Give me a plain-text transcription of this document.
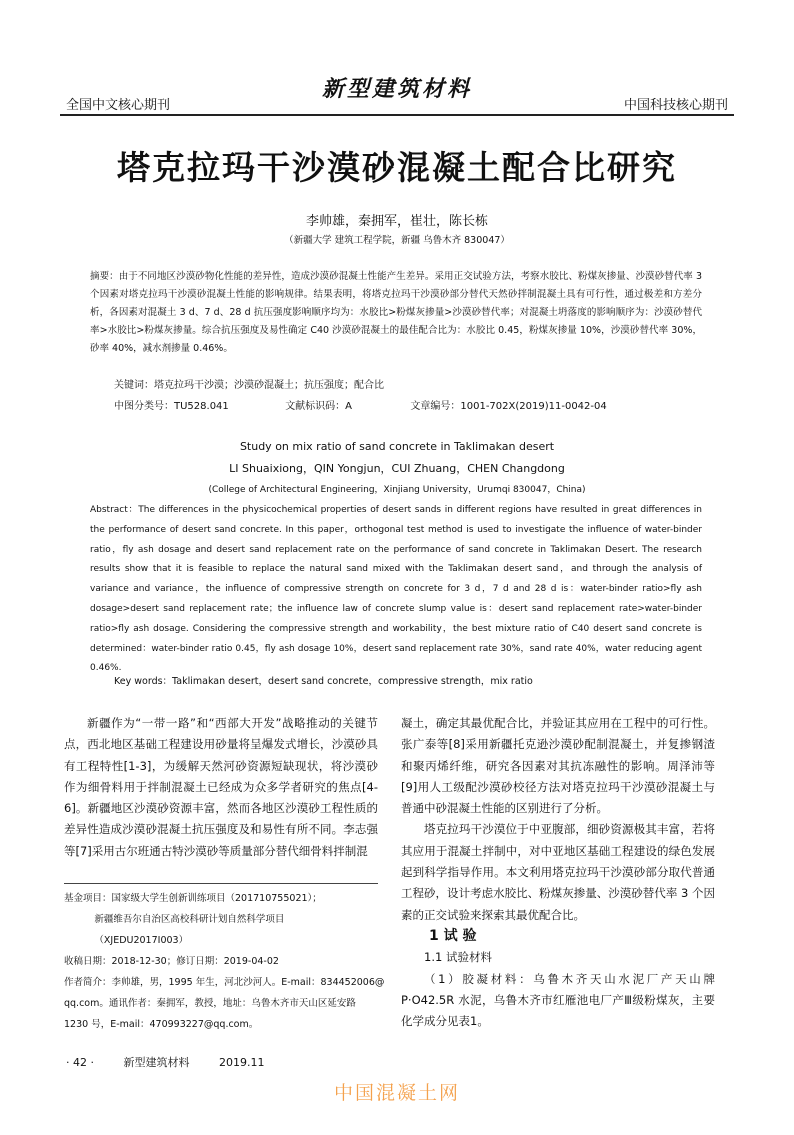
全国中文核心期刊
新型建筑材料
中国科技核心期刊
塔克拉玛干沙漠砂混凝土配合比研究
李帅雄，秦拥军，崔壮，陈长栋
（新疆大学 建筑工程学院，新疆 乌鲁木齐 830047）
摘要：由于不同地区沙漠砂物化性能的差异性，造成沙漠砂混凝土性能产生差异。采用正交试验方法，考察水胶比、粉煤灰掺量、沙漠砂替代率 3 个因素对塔克拉玛干沙漠砂混凝土性能的影响规律。结果表明，将塔克拉玛干沙漠砂部分替代天然砂拌制混凝土具有可行性，通过极差和方差分析，各因素对混凝土 3 d、7 d、28 d 抗压强度影响顺序均为：水胶比>粉煤灰掺量>沙漠砂替代率；对混凝土坍落度的影响顺序为：沙漠砂替代率>水胶比>粉煤灰掺量。综合抗压强度及易性确定 C40 沙漠砂混凝土的最佳配合比为：水胶比 0.45，粉煤灰掺量 10%，沙漠砂替代率 30%，砂率 40%，减水剂掺量 0.46%。
关键词：塔克拉玛干沙漠；沙漠砂混凝土；抗压强度；配合比
中图分类号：TU528.041	文献标识码：A	文章编号：1001-702X(2019)11-0042-04
Study on mix ratio of sand concrete in Taklimakan desert
LI Shuaixiong，QIN Yongjun，CUI Zhuang，CHEN Changdong
(College of Architectural Engineering，Xinjiang University，Urumqi 830047，China)
Abstract：The differences in the physicochemical properties of desert sands in different regions have resulted in great differences in the performance of desert sand concrete. In this paper，orthogonal test method is used to investigate the influence of water-binder ratio，fly ash dosage and desert sand replacement rate on the performance of sand concrete in Taklimakan Desert. The research results show that it is feasible to replace the natural sand mixed with the Taklimakan desert sand，and through the analysis of variance and variance，the influence of compressive strength on concrete for 3 d，7 d and 28 d is：water-binder ratio>fly ash dosage>desert sand replacement rate；the influence law of concrete slump value is：desert sand replacement rate>water-binder ratio>fly ash dosage. Considering the compressive strength and workability，the best mixture ratio of C40 desert sand concrete is determined：water-binder ratio 0.45，fly ash dosage 10%，desert sand replacement rate 30%，sand rate 40%，water reducing agent 0.46%.
Key words：Taklimakan desert，desert sand concrete，compressive strength，mix ratio

新疆作为“一带一路”和“西部大开发”战略推动的关键节点，西北地区基础工程建设用砂量将呈爆发式增长，沙漠砂具有工程特性[1-3]，为缓解天然河砂资源短缺现状，将沙漠砂作为细骨料用于拌制混凝土已经成为众多学者研究的焦点[4-6]。新疆地区沙漠砂资源丰富，然而各地区沙漠砂工程性质的差异性造成沙漠砂混凝土抗压强度及和易性有所不同。李志强等[7]采用古尔班通古特沙漠砂等质量部分替代细骨料拌制混

基金项目：国家级大学生创新训练项目（201710755021）；
新疆维吾尔自治区高校科研计划自然科学项目
（XJEDU2017I003）
收稿日期：2018-12-30；修订日期：2019-04-02
作者简介：李帅雄，男，1995 年生，河北沙河人。E-mail：834452006@
qq.com。通讯作者：秦拥军，教授，地址：乌鲁木齐市天山区延安路
1230 号，E-mail：470993227@qq.com。

凝土，确定其最优配合比，并验证其应用在工程中的可行性。张广泰等[8]采用新疆托克逊沙漠砂配制混凝土，并复掺钢渣和聚丙烯纤维，研究各因素对其抗冻融性的影响。周泽沛等[9]用人工级配沙漠砂校径方法对塔克拉玛干沙漠砂混凝土与普通中砂混凝土性能的区别进行了分析。

塔克拉玛干沙漠位于中亚腹部，细砂资源极其丰富，若将其应用于混凝土拌制中，对中亚地区基础工程建设的绿色发展起到科学指导作用。本文利用塔克拉玛干沙漠砂部分取代普通工程砂，设计考虑水胶比、粉煤灰掺量、沙漠砂替代率 3 个因素的正交试验来探索其最优配合比。

1 试 验

1.1 试验材料

（1）胶凝材料：乌鲁木齐天山水泥厂产天山牌 P·O42.5R 水泥，乌鲁木齐市红雁池电厂产Ⅲ级粉煤灰，主要化学成分见表1。

· 42 ·	新型建筑材料	2019.11
中国混凝土网
